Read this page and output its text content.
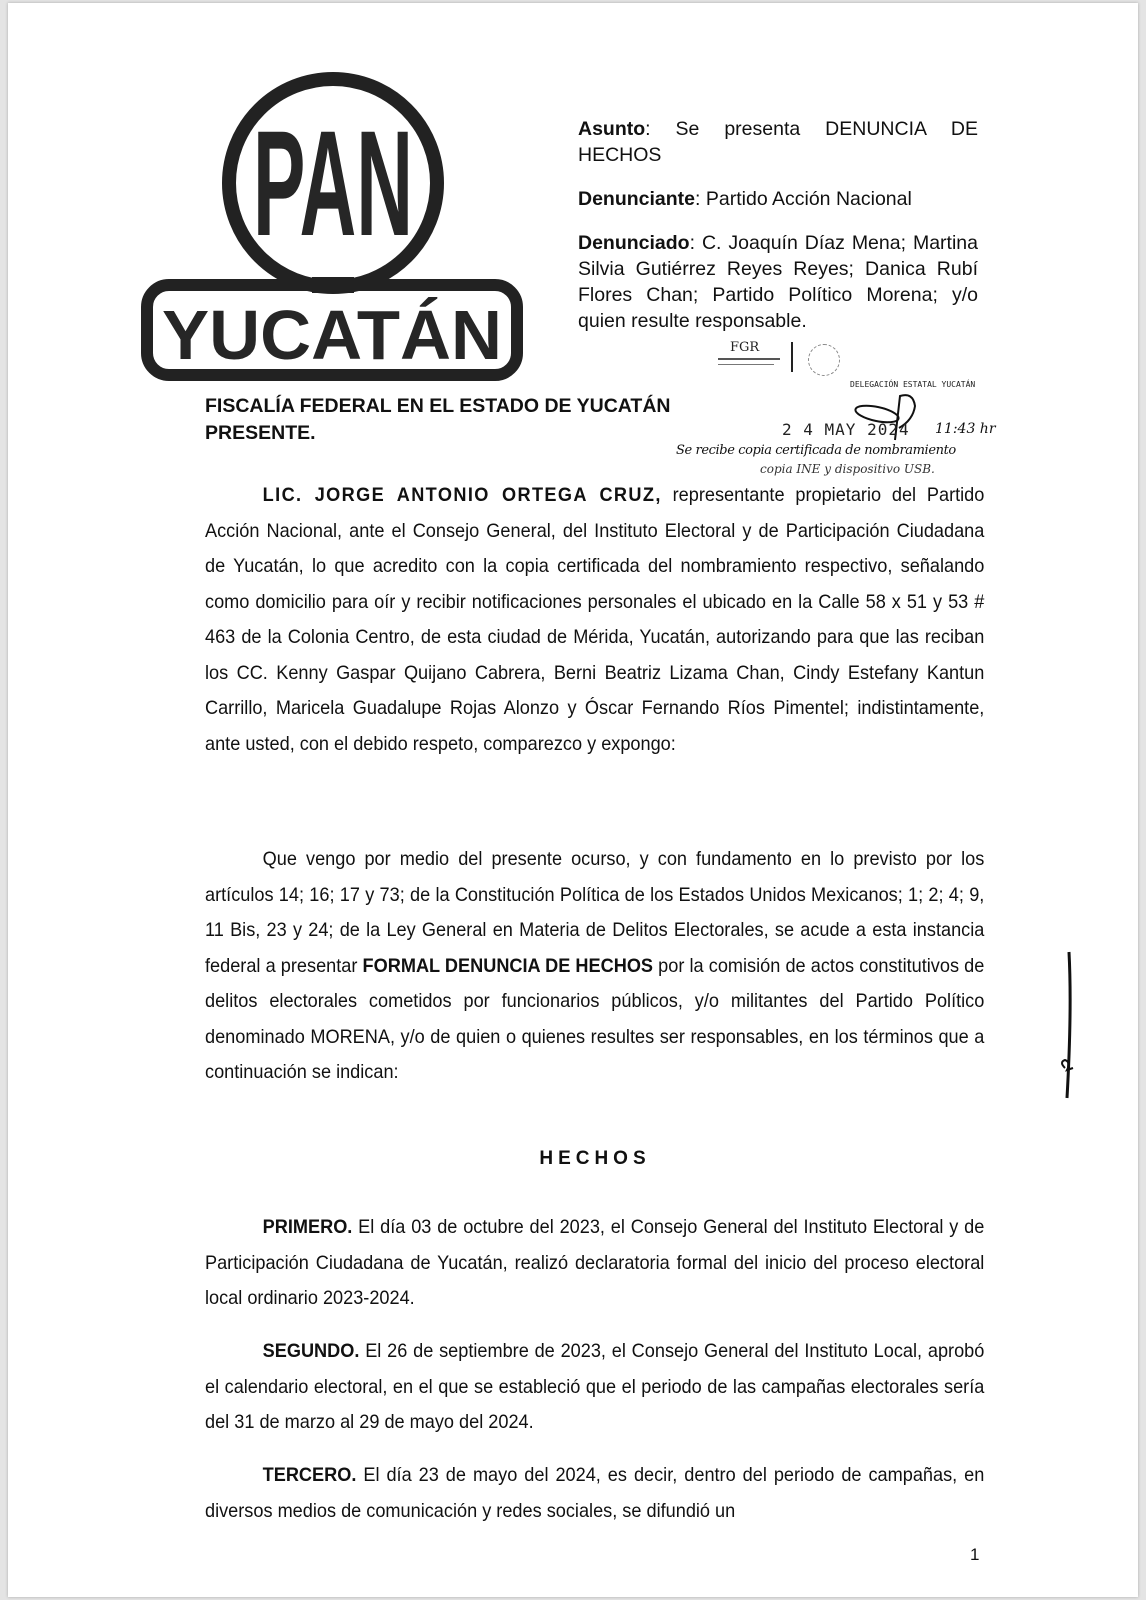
PAN
YUCATÁN

Asunto: Se presenta DENUNCIA DE HECHOS

Denunciante: Partido Acción Nacional

Denunciado: C. Joaquín Díaz Mena; Martina Silvia Gutiérrez Reyes Reyes; Danica Rubí Flores Chan; Partido Político Morena; y/o quien resulte responsable.

FGR
DELEGACIÓN ESTATAL YUCATÁN
2 4 MAY 2024 11:43 hr
Se recibe copia certificada de nombramiento
copia INE y dispositivo USB.
FISCALÍA FEDERAL EN EL ESTADO DE YUCATÁN
PRESENTE.
LIC. JORGE ANTONIO ORTEGA CRUZ, representante propietario del Partido Acción Nacional, ante el Consejo General, del Instituto Electoral y de Participación Ciudadana de Yucatán, lo que acredito con la copia certificada del nombramiento respectivo, señalando como domicilio para oír y recibir notificaciones personales el ubicado en la Calle 58 x 51 y 53 # 463 de la Colonia Centro, de esta ciudad de Mérida, Yucatán, autorizando para que las reciban los CC. Kenny Gaspar Quijano Cabrera, Berni Beatriz Lizama Chan, Cindy Estefany Kantun Carrillo, Maricela Guadalupe Rojas Alonzo y Óscar Fernando Ríos Pimentel; indistintamente, ante usted, con el debido respeto, comparezco y expongo:
Que vengo por medio del presente ocurso, y con fundamento en lo previsto por los artículos 14; 16; 17 y 73; de la Constitución Política de los Estados Unidos Mexicanos; 1; 2; 4; 9, 11 Bis, 23 y 24; de la Ley General en Materia de Delitos Electorales, se acude a esta instancia federal a presentar FORMAL DENUNCIA DE HECHOS por la comisión de actos constitutivos de delitos electorales cometidos por funcionarios públicos, y/o militantes del Partido Político denominado MORENA, y/o de quien o quienes resultes ser responsables, en los términos que a continuación se indican:
HECHOS
PRIMERO. El día 03 de octubre del 2023, el Consejo General del Instituto Electoral y de Participación Ciudadana de Yucatán, realizó declaratoria formal del inicio del proceso electoral local ordinario 2023-2024.
SEGUNDO. El 26 de septiembre de 2023, el Consejo General del Instituto Local, aprobó el calendario electoral, en el que se estableció que el periodo de las campañas electorales sería del 31 de marzo al 29 de mayo del 2024.
TERCERO. El día 23 de mayo del 2024, es decir, dentro del periodo de campañas, en diversos medios de comunicación y redes sociales, se difundió un
1
